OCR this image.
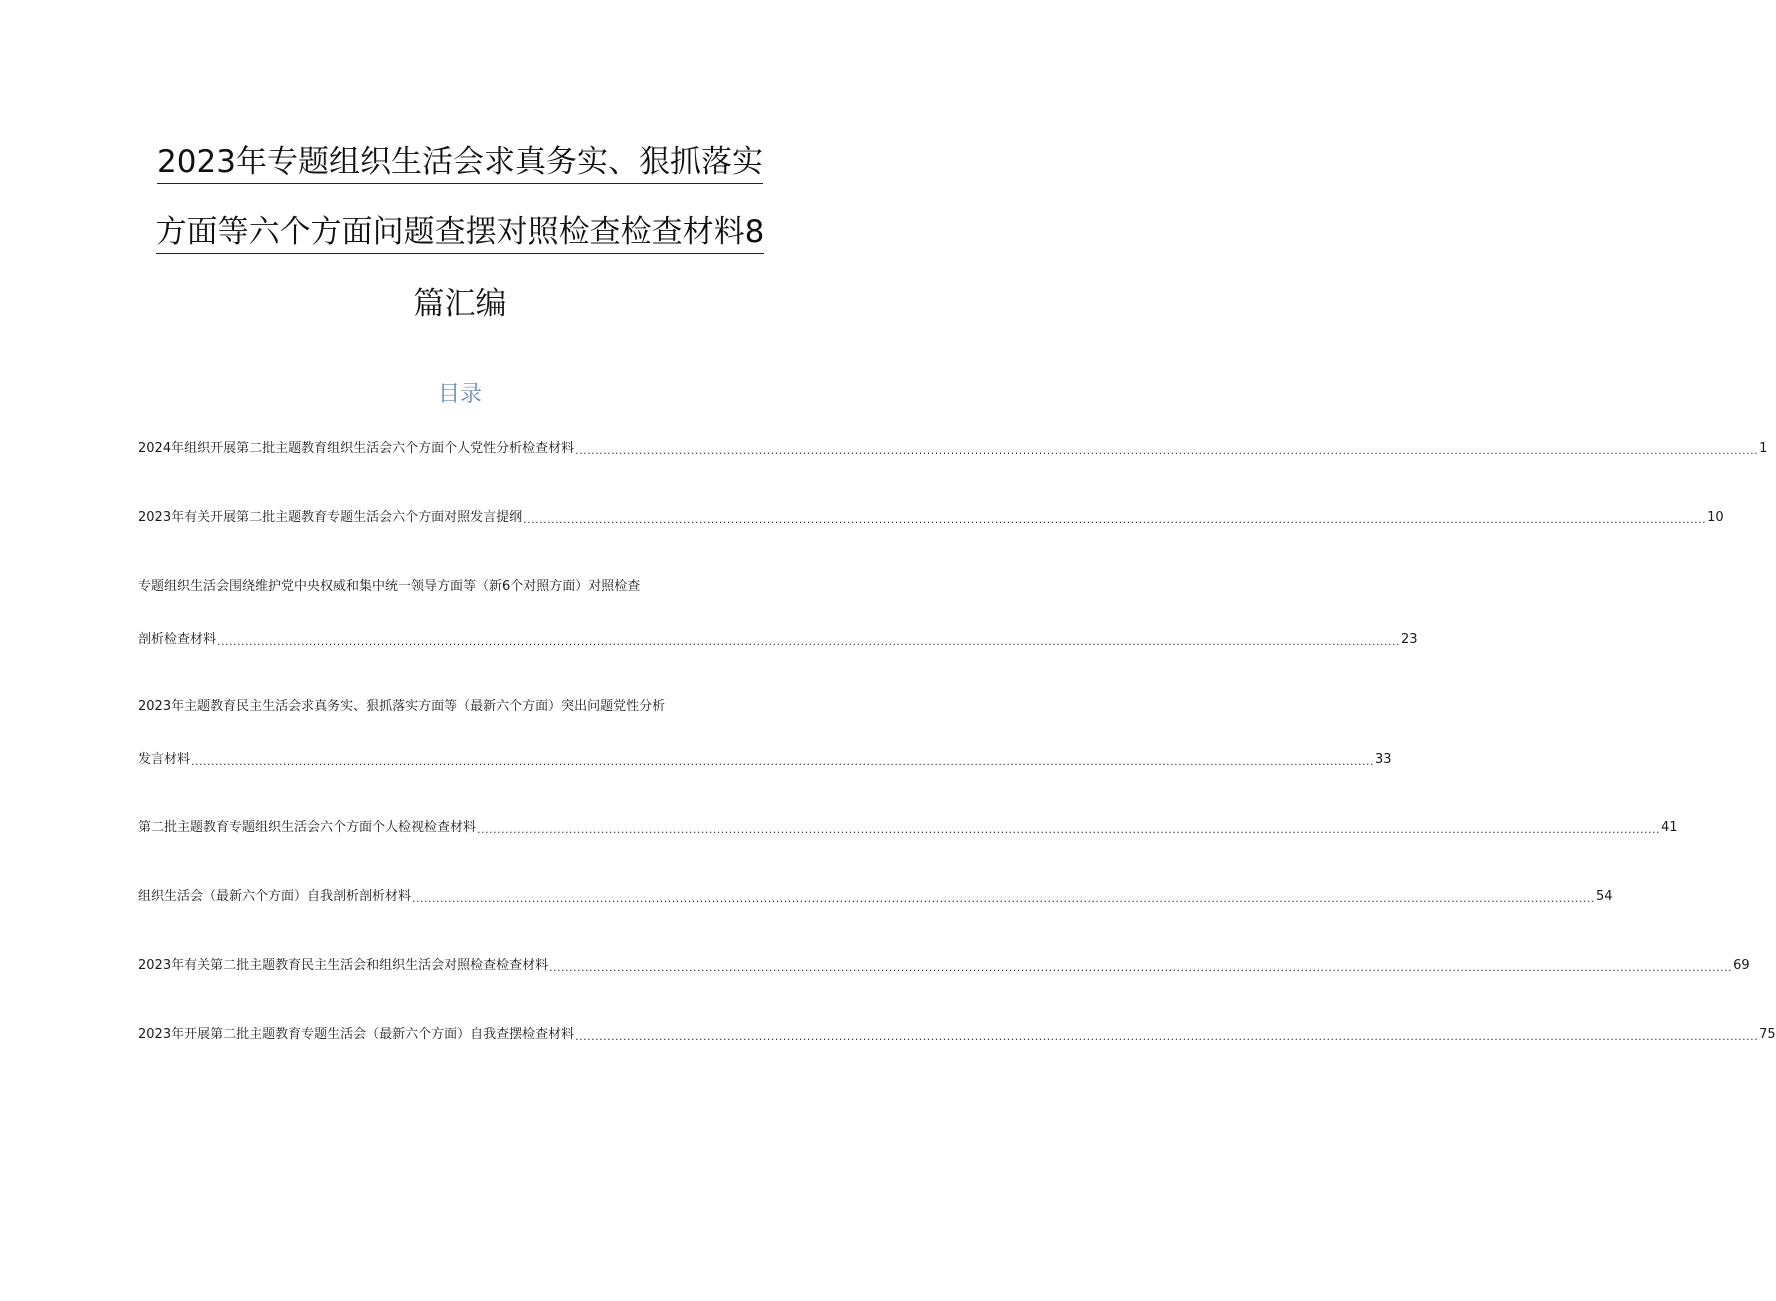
2023年专题组织生活会求真务实、狠抓落实
方面等六个方面问题查摆对照检查检查材料8
篇汇编
目录
2024年组织开展第二批主题教育组织生活会六个方面个人党性分析检查材料 ........................................................................................................................................................................................................................................................................................................ 1
2023年有关开展第二批主题教育专题生活会六个方面对照发言提纲 ........................................................................................................................................................................................................................................................................................................ 10
专题组织生活会围绕维护党中央权威和集中统一领导方面等（新6个对照方面）对照检查
剖析检查材料 ........................................................................................................................................................................................................................................................................................................ 23
2023年主题教育民主生活会求真务实、狠抓落实方面等（最新六个方面）突出问题党性分析
发言材料 ........................................................................................................................................................................................................................................................................................................ 33
第二批主题教育专题组织生活会六个方面个人检视检查材料 ........................................................................................................................................................................................................................................................................................................ 41
组织生活会（最新六个方面）自我剖析剖析材料 ........................................................................................................................................................................................................................................................................................................ 54
2023年有关第二批主题教育民主生活会和组织生活会对照检查检查材料 ........................................................................................................................................................................................................................................................................................................ 69
2023年开展第二批主题教育专题生活会（最新六个方面）自我查摆检查材料 ........................................................................................................................................................................................................................................................................................................ 75
